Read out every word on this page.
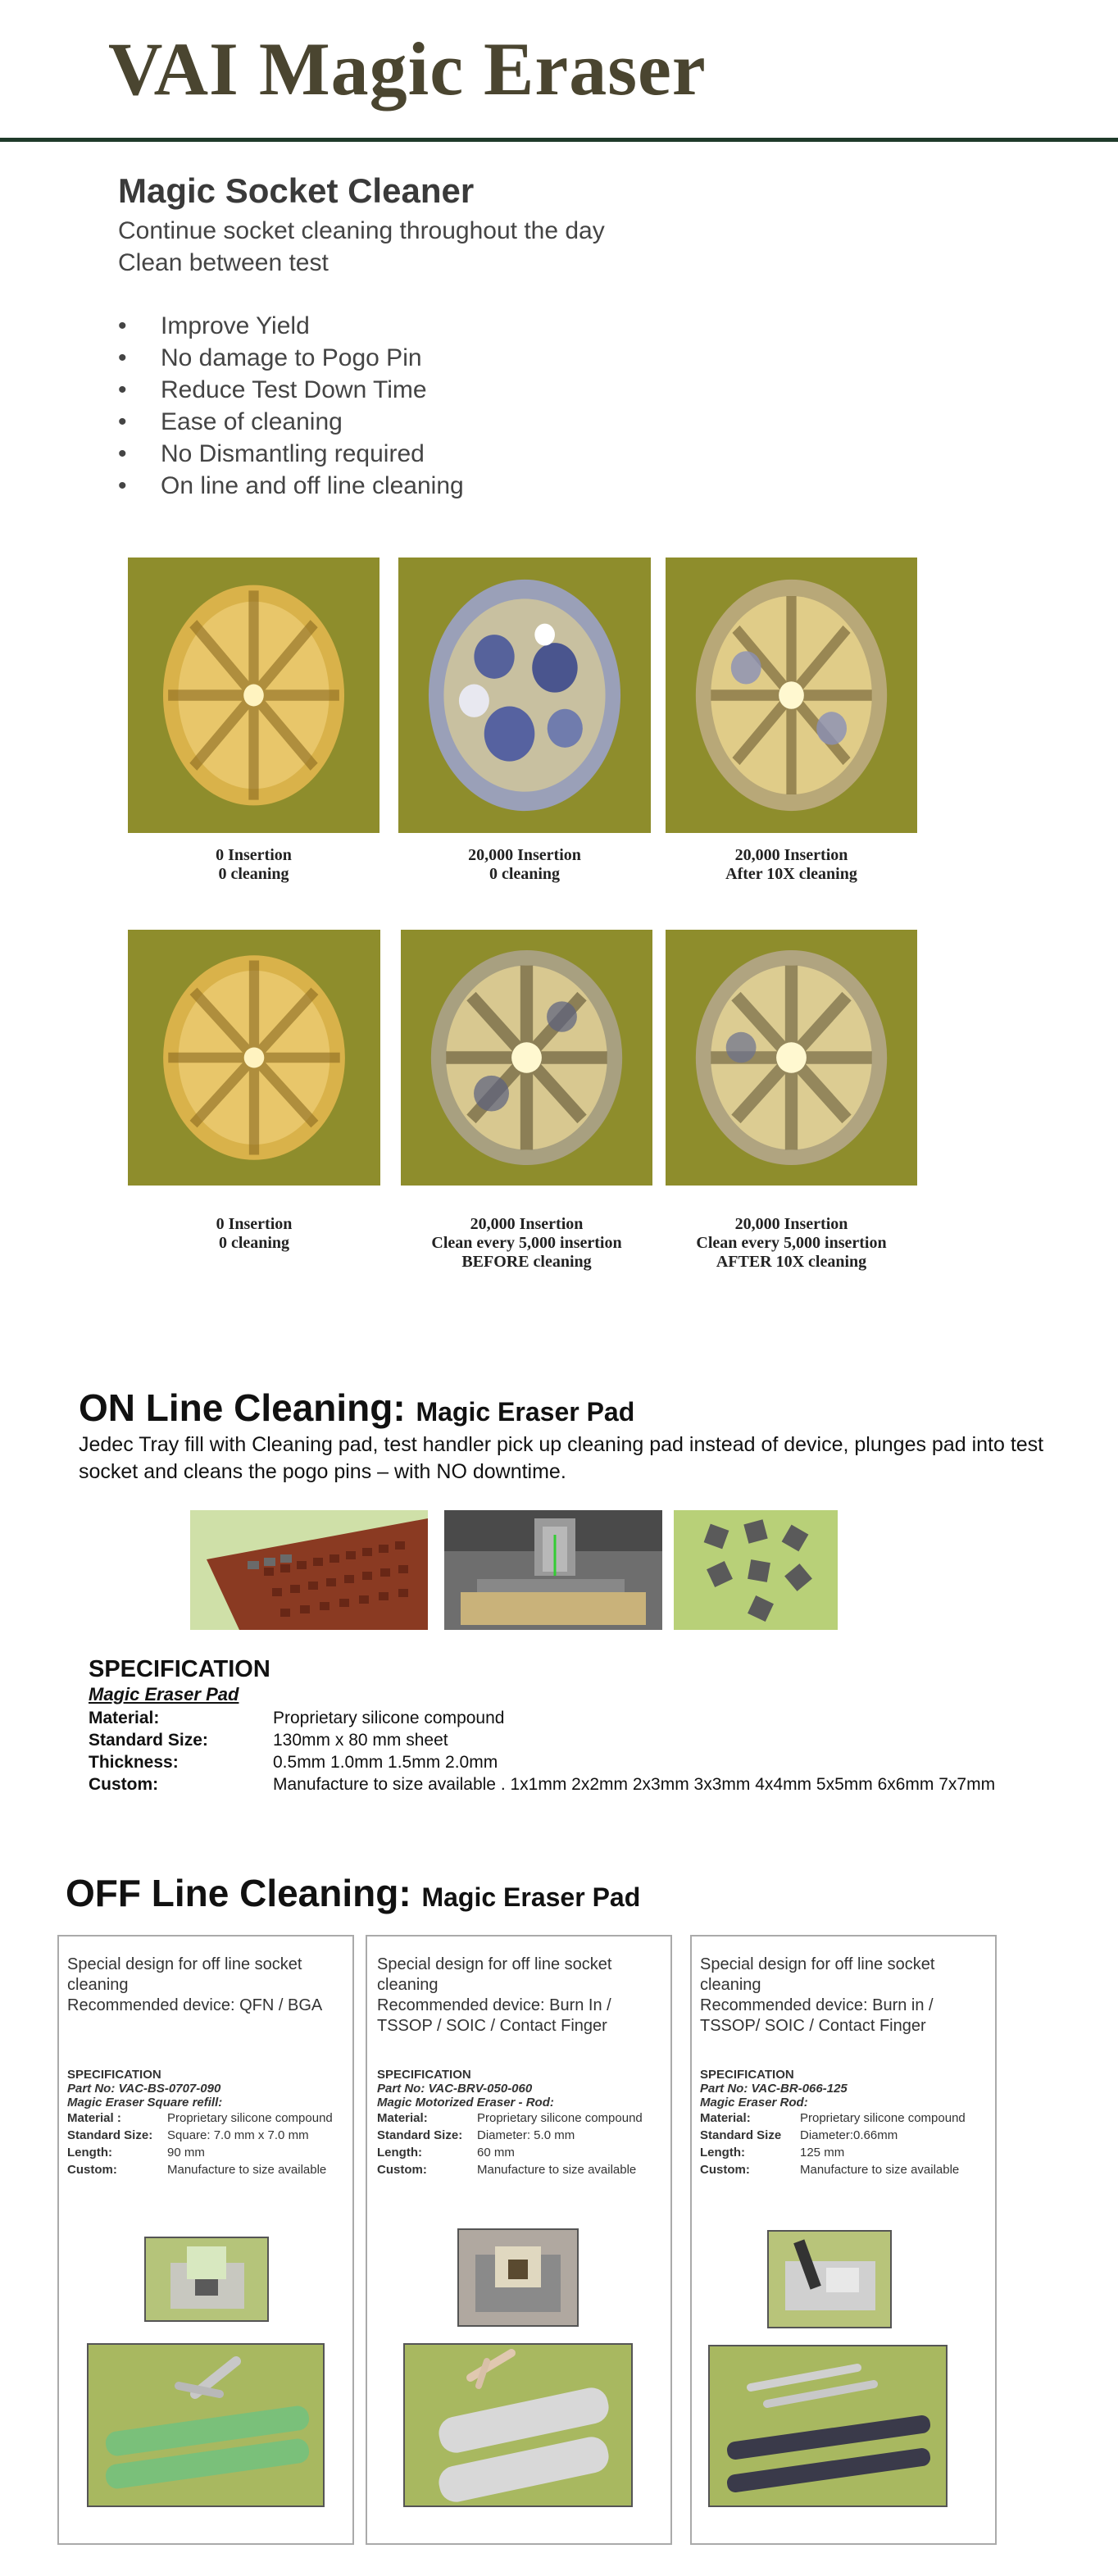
VAI Magic Eraser
Magic Socket Cleaner
Continue socket cleaning throughout the day
Clean between test
• Improve Yield
• No damage to Pogo Pin
• Reduce Test Down Time
• Ease of cleaning
• No Dismantling required
• On line and off line cleaning
0 Insertion
0 cleaning
20,000 Insertion
0 cleaning
20,000 Insertion
After 10X cleaning
0 Insertion
0 cleaning
20,000 Insertion
Clean every 5,000 insertion
BEFORE cleaning
20,000 Insertion
Clean every 5,000 insertion
AFTER 10X cleaning
ON Line Cleaning: Magic Eraser Pad
Jedec Tray fill with Cleaning pad, test handler pick up cleaning pad instead of device, plunges pad into test socket and cleans the pogo pins – with NO downtime.
SPECIFICATION
Magic Eraser Pad
Material:	Proprietary silicone compound
Standard Size:	130mm x 80 mm sheet
Thickness:	0.5mm 1.0mm 1.5mm 2.0mm
Custom:	Manufacture to size available . 1x1mm 2x2mm 2x3mm 3x3mm 4x4mm 5x5mm 6x6mm 7x7mm
OFF Line Cleaning: Magic Eraser Pad
Special design for off line socket
cleaning
Recommended device: QFN / BGA
SPECIFICATION
Part No: VAC-BS-0707-090
Magic Eraser Square refill:
Material :	Proprietary silicone compound
Standard Size: Square: 7.0 mm x 7.0 mm
Length:	90 mm
Custom:	Manufacture to size available
Special design for off line socket
cleaning
Recommended device: Burn In /
TSSOP / SOIC / Contact Finger
SPECIFICATION
Part No: VAC-BRV-050-060
Magic Motorized Eraser - Rod:
Material:	Proprietary silicone compound
Standard Size: Diameter: 5.0 mm
Length:	60 mm
Custom:	Manufacture to size available
Special design for off line socket
cleaning
Recommended device: Burn in /
TSSOP/ SOIC / Contact Finger
SPECIFICATION
Part No: VAC-BR-066-125
Magic Eraser Rod:
Material:	Proprietary silicone compound
Standard Size Diameter:0.66mm
Length:	125 mm
Custom:	Manufacture to size available
